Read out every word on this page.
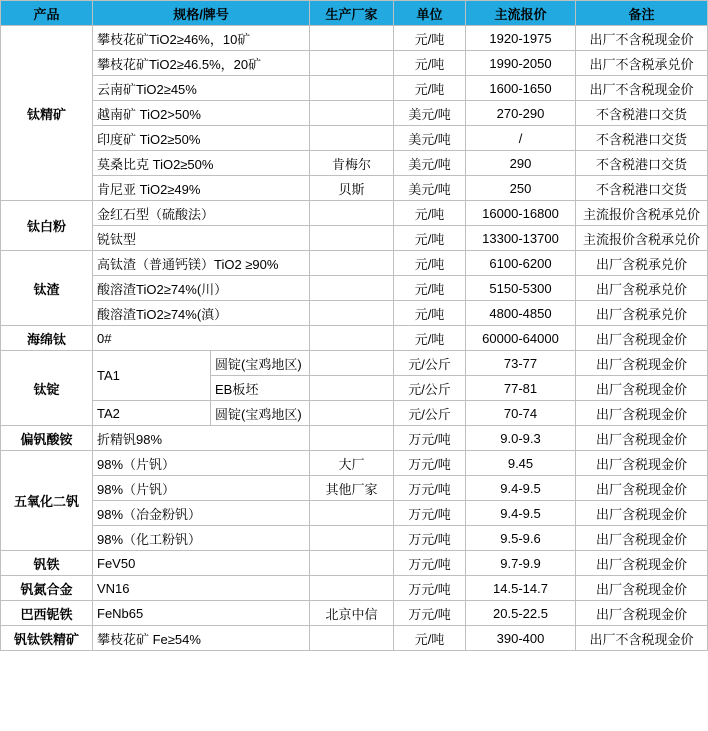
产品	规格/牌号		生产厂家	单位	主流报价	备注
钛精矿	攀枝花矿TiO2≥46%，10矿			元/吨	1920-1975	出厂不含税现金价
	攀枝花矿TiO2≥46.5%，20矿			元/吨	1990-2050	出厂不含税承兑价
	云南矿TiO2≥45%			元/吨	1600-1650	出厂不含税现金价
	越南矿 TiO2>50%			美元/吨	270-290	不含税港口交货
	印度矿 TiO2≥50%			美元/吨	/	不含税港口交货
	莫桑比克 TiO2≥50%		肯梅尔	美元/吨	290	不含税港口交货
	肯尼亚 TiO2≥49%		贝斯	美元/吨	250	不含税港口交货
钛白粉	金红石型（硫酸法）			元/吨	16000-16800	主流报价含税承兑价
	锐钛型			元/吨	13300-13700	主流报价含税承兑价
钛渣	高钛渣（普通钙镁）TiO2 ≥90%			元/吨	6100-6200	出厂含税承兑价
	酸溶渣TiO2≥74%(川）			元/吨	5150-5300	出厂含税承兑价
	酸溶渣TiO2≥74%(滇）			元/吨	4800-4850	出厂含税承兑价
海绵钛	0#			元/吨	60000-64000	出厂含税现金价
钛锭	TA1	圆锭(宝鸡地区)		元/公斤	73-77	出厂含税现金价
		EB板坯		元/公斤	77-81	出厂含税现金价
	TA2	圆锭(宝鸡地区)		元/公斤	70-74	出厂含税现金价
偏钒酸铵	折精钒98%			万元/吨	9.0-9.3	出厂含税现金价
五氧化二钒	98%（片钒）		大厂	万元/吨	9.45	出厂含税现金价
	98%（片钒）		其他厂家	万元/吨	9.4-9.5	出厂含税现金价
	98%（冶金粉钒）			万元/吨	9.4-9.5	出厂含税现金价
	98%（化工粉钒）			万元/吨	9.5-9.6	出厂含税现金价
钒铁	FeV50			万元/吨	9.7-9.9	出厂含税现金价
钒氮合金	VN16			万元/吨	14.5-14.7	出厂含税现金价
巴西铌铁	FeNb65		北京中信	万元/吨	20.5-22.5	出厂含税现金价
钒钛铁精矿	攀枝花矿 Fe≥54%			元/吨	390-400	出厂不含税现金价
